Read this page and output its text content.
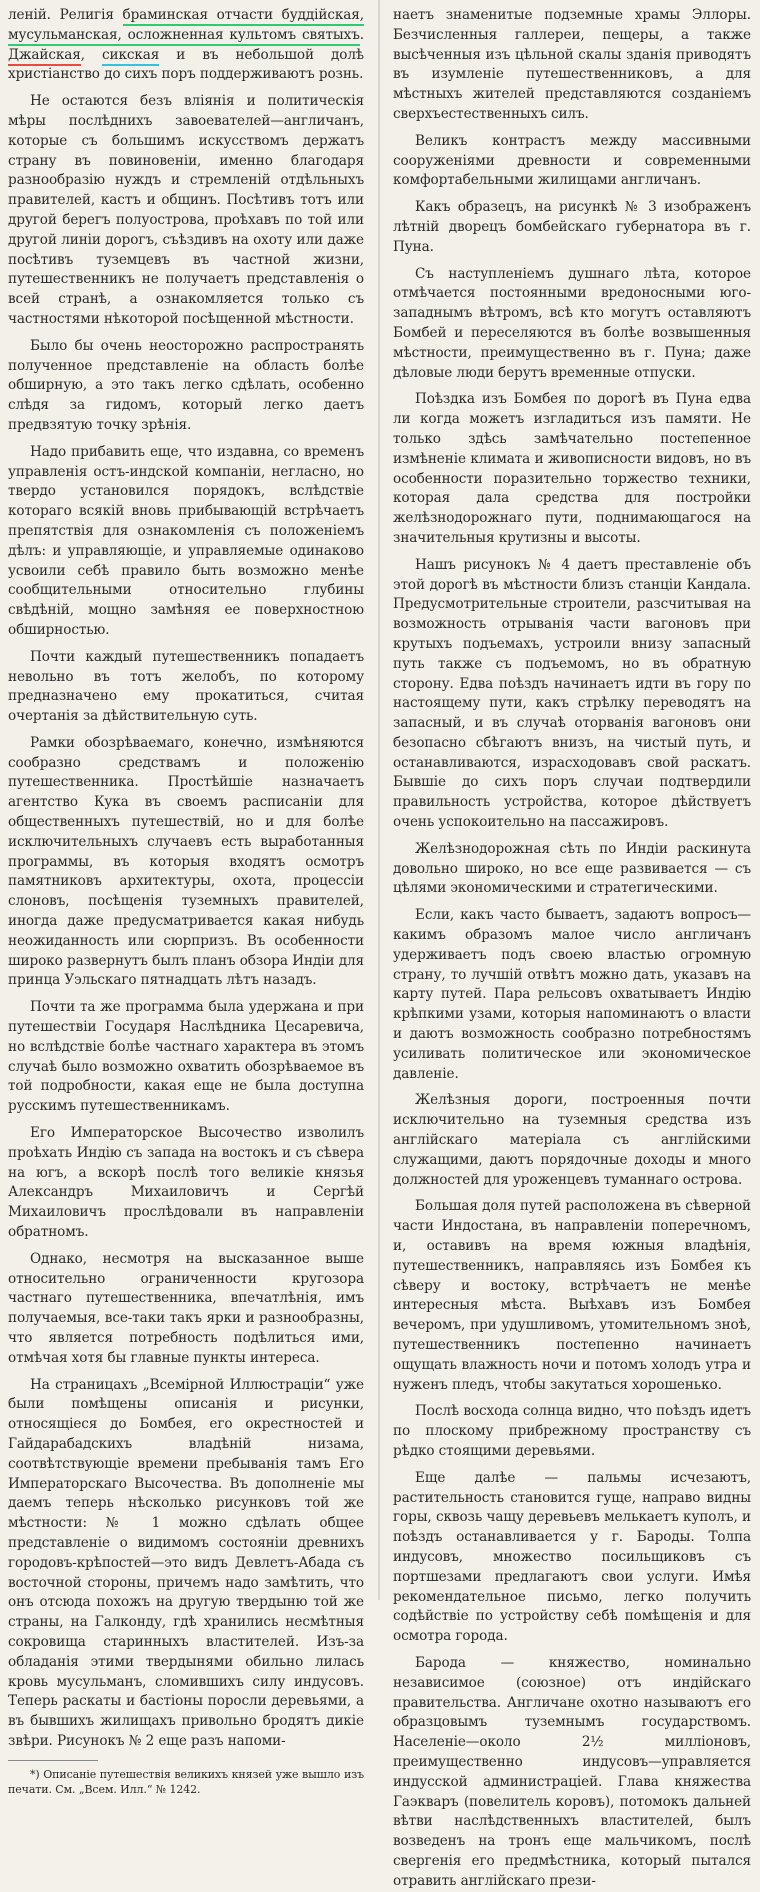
леній. Религія браминская отчасти буддійская, мусульманская, осложненная культомъ святыхъ. Джайская, сикская и въ небольшой долѣ христіанство до сихъ поръ поддерживаютъ рознь.

Не остаются безъ вліянія и политическія мѣры послѣднихъ завоевателей—англичанъ, которые съ большимъ искусствомъ держатъ страну въ повиновеніи, именно благодаря разнообразію нуждъ и стремленій отдѣльныхъ правителей, кастъ и общинъ. Посѣтивъ тотъ или другой берегъ полуострова, проѣхавъ по той или другой линіи дорогъ, съѣздивъ на охоту или даже посѣтивъ туземцевъ въ частной жизни, путешественникъ не получаетъ представленія о всей странѣ, а ознакомляется только съ частностями нѣкоторой посѣщенной мѣстности.

Было бы очень неосторожно распространять полученное представленіе на область болѣе обширную, а это такъ легко сдѣлать, особенно слѣдя за гидомъ, который легко даетъ предвзятую точку зрѣнія.

Надо прибавить еще, что издавна, со временъ управленія остъ-индской компаніи, негласно, но твердо установился порядокъ, вслѣдствіе котораго всякій вновь прибывающій встрѣчаетъ препятствія для ознакомленія съ положеніемъ дѣлъ: и управляющіе, и управляемые одинаково усвоили себѣ правило быть возможно менѣе сообщительными относительно глубины свѣдѣній, мощно замѣняя ее поверхностною обширностью.

Почти каждый путешественникъ попадаетъ невольно въ тотъ желобъ, по которому предназначено ему прокатиться, считая очертанія за дѣйствительную суть.

Рамки обозрѣваемаго, конечно, измѣняются сообразно средствамъ и положенію путешественника. Простѣйшіе назначаетъ агентство Кука въ своемъ расписаніи для общественныхъ путешествій, но и для болѣе исключительныхъ случаевъ есть выработанныя программы, въ которыя входятъ осмотръ памятниковъ архитектуры, охота, процессіи слоновъ, посѣщенія туземныхъ правителей, иногда даже предусматривается какая нибудь неожиданность или сюрпризъ. Въ особенности широко развернутъ былъ планъ обзора Индіи для принца Уэльскаго пятнадцать лѣтъ назадъ.

Почти та же программа была удержана и при путешествіи Государя Наслѣдника Цесаревича, но вслѣдствіе болѣе частнаго характера въ этомъ случаѣ было возможно охватить обозрѣваемое въ той подробности, какая еще не была доступна русскимъ путешественникамъ.

Его Императорское Высочество изволилъ проѣхать Индію съ запада на востокъ и съ сѣвера на югъ, а вскорѣ послѣ того великіе князья Александръ Михаиловичъ и Сергѣй Михаиловичъ прослѣдовали въ направленіи обратномъ.

Однако, несмотря на высказанное выше относительно ограниченности кругозора частнаго путешественника, впечатлѣнія, имъ получаемыя, все-таки такъ ярки и разнообразны, что является потребность подѣлиться ими, отмѣчая хотя бы главные пункты интереса.

На страницахъ „Всемірной Иллюстраціи“ уже были помѣщены описанія и рисунки, относящіеся до Бомбея, его окрестностей и Гайдарабадскихъ владѣній низама, соотвѣтствующіе времени пребыванія тамъ Его Императорскаго Высочества. Въ дополненіе мы даемъ теперь нѣсколько рисунковъ той же мѣстности: № 1 можно сдѣлать общее представленіе о видимомъ состояніи древнихъ городовъ-крѣпостей—это видъ Девлетъ-Абада съ восточной стороны, причемъ надо замѣтить, что онъ отсюда похожъ на другую твердыню той же страны, на Галконду, гдѣ хранились несмѣтныя сокровища старинныхъ властителей. Изъ-за обладанія этими твердынями обильно лилась кровь мусульманъ, сломившихъ силу индусовъ. Теперь раскаты и бастіоны поросли деревьями, а въ бывшихъ жилищахъ привольно бродятъ дикіе звѣри. Рисунокъ № 2 еще разъ напоми-

*) Описаніе путешествія великихъ князей уже вышло изъ печати. См. „Всем. Илл.“ № 1242.

наетъ знаменитые подземные храмы Эллоры. Безчисленныя галлереи, пещеры, а также высѣченныя изъ цѣльной скалы зданія приводятъ въ изумленіе путешественниковъ, а для мѣстныхъ жителей представляются созданіемъ сверхъестественныхъ силъ.

Великъ контрастъ между массивными сооруженіями древности и современными комфортабельными жилищами англичанъ.

Какъ образецъ, на рисункѣ № 3 изображенъ лѣтній дворецъ бомбейскаго губернатора въ г. Пуна.

Съ наступленіемъ душнаго лѣта, которое отмѣчается постоянными вредоносными юго-западнымъ вѣтромъ, всѣ кто могутъ оставляютъ Бомбей и переселяются въ болѣе возвышенныя мѣстности, преимущественно въ г. Пуна; даже дѣловые люди берутъ временные отпуски.

Поѣздка изъ Бомбея по дорогѣ въ Пуна едва ли когда можетъ изгладиться изъ памяти. Не только здѣсь замѣчательно постепенное измѣненіе климата и живописности видовъ, но въ особенности поразительно торжество техники, которая дала средства для постройки желѣзнодорожнаго пути, поднимающагося на значительныя крутизны и высоты.

Нашъ рисунокъ № 4 даетъ преставленіе объ этой дорогѣ въ мѣстности близъ станціи Кандала. Предусмотрительные строители, разсчитывая на возможность отрыванія части вагоновъ при крутыхъ подъемахъ, устроили внизу запасный путь также съ подъемомъ, но въ обратную сторону. Едва поѣздъ начинаетъ идти въ гору по настоящему пути, какъ стрѣлку переводятъ на запасный, и въ случаѣ оторванія вагоновъ они безопасно сбѣгаютъ внизъ, на чистый путь, и останавливаются, израсходовавъ свой раскатъ. Бывшіе до сихъ поръ случаи подтвердили правильность устройства, которое дѣйствуетъ очень успокоительно на пассажировъ.

Желѣзнодорожная сѣть по Индіи раскинута довольно широко, но все еще развивается — съ цѣлями экономическими и стратегическими.

Если, какъ часто бываетъ, задаютъ вопросъ—какимъ образомъ малое число англичанъ удерживаетъ подъ своею властью огромную страну, то лучшій отвѣтъ можно дать, указавъ на карту путей. Пара рельсовъ охватываетъ Индію крѣпкими узами, которыя напоминаютъ о власти и даютъ возможность сообразно потребностямъ усиливать политическое или экономическое давленіе.

Желѣзныя дороги, построенныя почти исключительно на туземныя средства изъ англійскаго матеріала съ англійскими служащими, даютъ порядочные доходы и много должностей для уроженцевъ туманнаго острова.

Большая доля путей расположена въ сѣверной части Индостана, въ направленіи поперечномъ, и, оставивъ на время южныя владѣнія, путешественникъ, направляясь изъ Бомбея къ сѣверу и востоку, встрѣчаетъ не менѣе интересныя мѣста. Выѣхавъ изъ Бомбея вечеромъ, при удушливомъ, утомительномъ знoѣ, путешественникъ постепенно начинаетъ ощущать влажность ночи и потомъ холодъ утра и нуженъ пледъ, чтобы закутаться хорошенько.

Послѣ восхода солнца видно, что поѣздъ идетъ по плоскому прибрежному пространству съ рѣдко стоящими деревьями.

Еще далѣе — пальмы исчезаютъ, растительность становится гуще, направо видны горы, сквозь чащу деревьевъ мелькаетъ куполъ, и поѣздъ останавливается у г. Бароды. Толпа индусовъ, множество посильщиковъ съ портшезами предлагаютъ свои услуги. Имѣя рекомендательное письмо, легко получить содѣйствіе по устройству себѣ помѣщенія и для осмотра города.

Барода — княжество, номинально независимое (союзное) отъ индійскаго правительства. Англичане охотно называютъ его образцовымъ туземнымъ государствомъ. Населеніе—около 2½ милліоновъ, преимущественно индусовъ—управляется индусской администраціей. Глава княжества Гаэкваръ (повелитель коровъ), потомокъ дальней вѣтви наслѣдственныхъ властителей, былъ возведенъ на тронъ еще мальчикомъ, послѣ свергенія его предмѣстника, который пытался отравить англійскаго прези-
